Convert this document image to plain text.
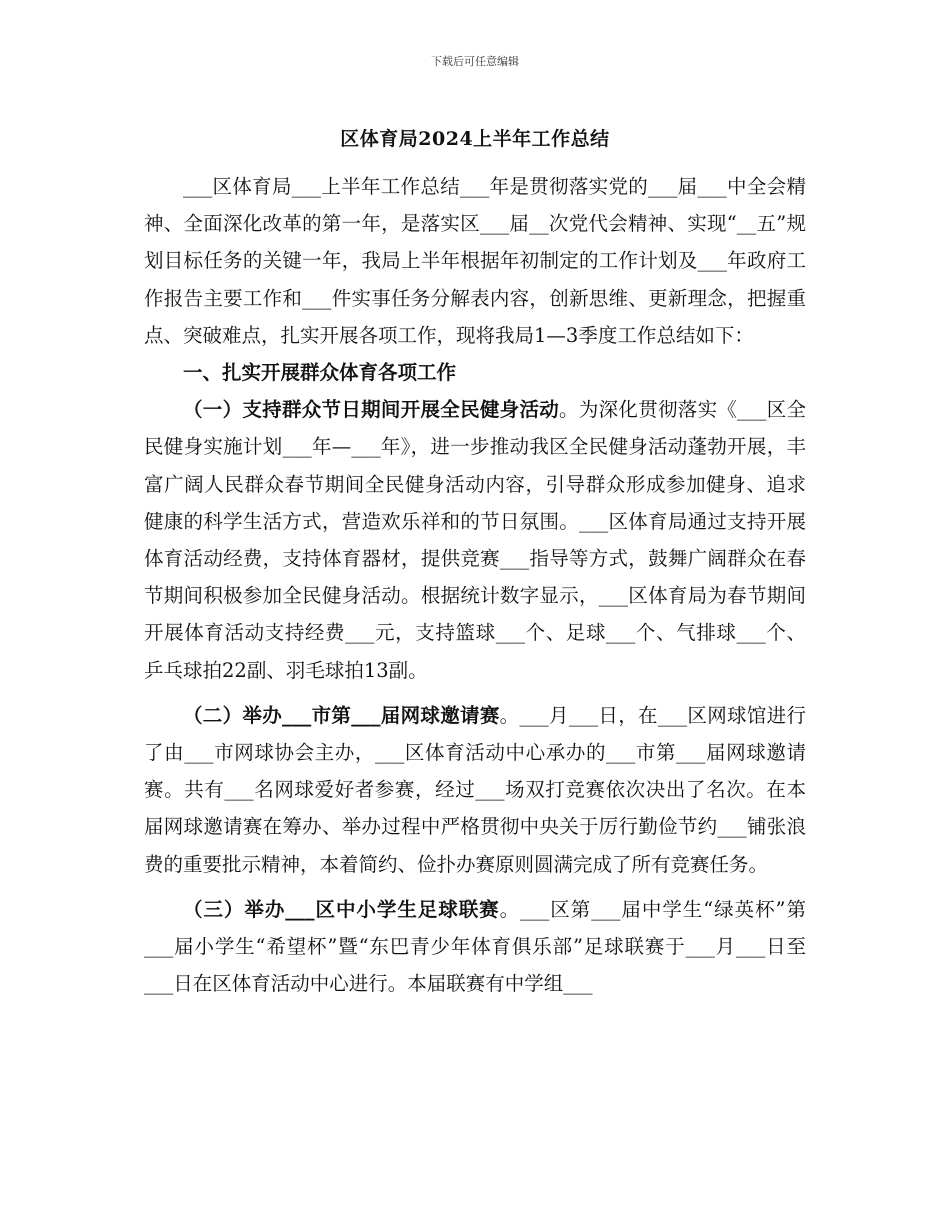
下载后可任意编辑
区体育局2024上半年工作总结

___区体育局___上半年工作总结___年是贯彻落实党的___届___中全会精神、全面深化改革的第一年，是落实区___届__次党代会精神、实现“__五”规划目标任务的关键一年，我局上半年根据年初制定的工作计划及___年政府工作报告主要工作和___件实事任务分解表内容，创新思维、更新理念，把握重点、突破难点，扎实开展各项工作，现将我局1—3季度工作总结如下：

一、扎实开展群众体育各项工作

（一）支持群众节日期间开展全民健身活动。为深化贯彻落实《___区全民健身实施计划___年—___年》，进一步推动我区全民健身活动蓬勃开展，丰富广阔人民群众春节期间全民健身活动内容，引导群众形成参加健身、追求健康的科学生活方式，营造欢乐祥和的节日氛围。___区体育局通过支持开展体育活动经费，支持体育器材，提供竞赛___指导等方式，鼓舞广阔群众在春节期间积极参加全民健身活动。根据统计数字显示，___区体育局为春节期间开展体育活动支持经费___元，支持篮球___个、足球___个、气排球___个、乒乓球拍22副、羽毛球拍13副。

（二）举办___市第___届网球邀请赛。___月___日，在___区网球馆进行了由___市网球协会主办，___区体育活动中心承办的___市第___届网球邀请赛。共有___名网球爱好者参赛，经过___场双打竞赛依次决出了名次。在本届网球邀请赛在筹办、举办过程中严格贯彻中央关于厉行勤俭节约___铺张浪费的重要批示精神，本着简约、俭扑办赛原则圆满完成了所有竞赛任务。

（三）举办___区中小学生足球联赛。___区第___届中学生“绿英杯”第___届小学生“希望杯”暨“东巴青少年体育俱乐部”足球联赛于___月___日至___日在区体育活动中心进行。本届联赛有中学组___
